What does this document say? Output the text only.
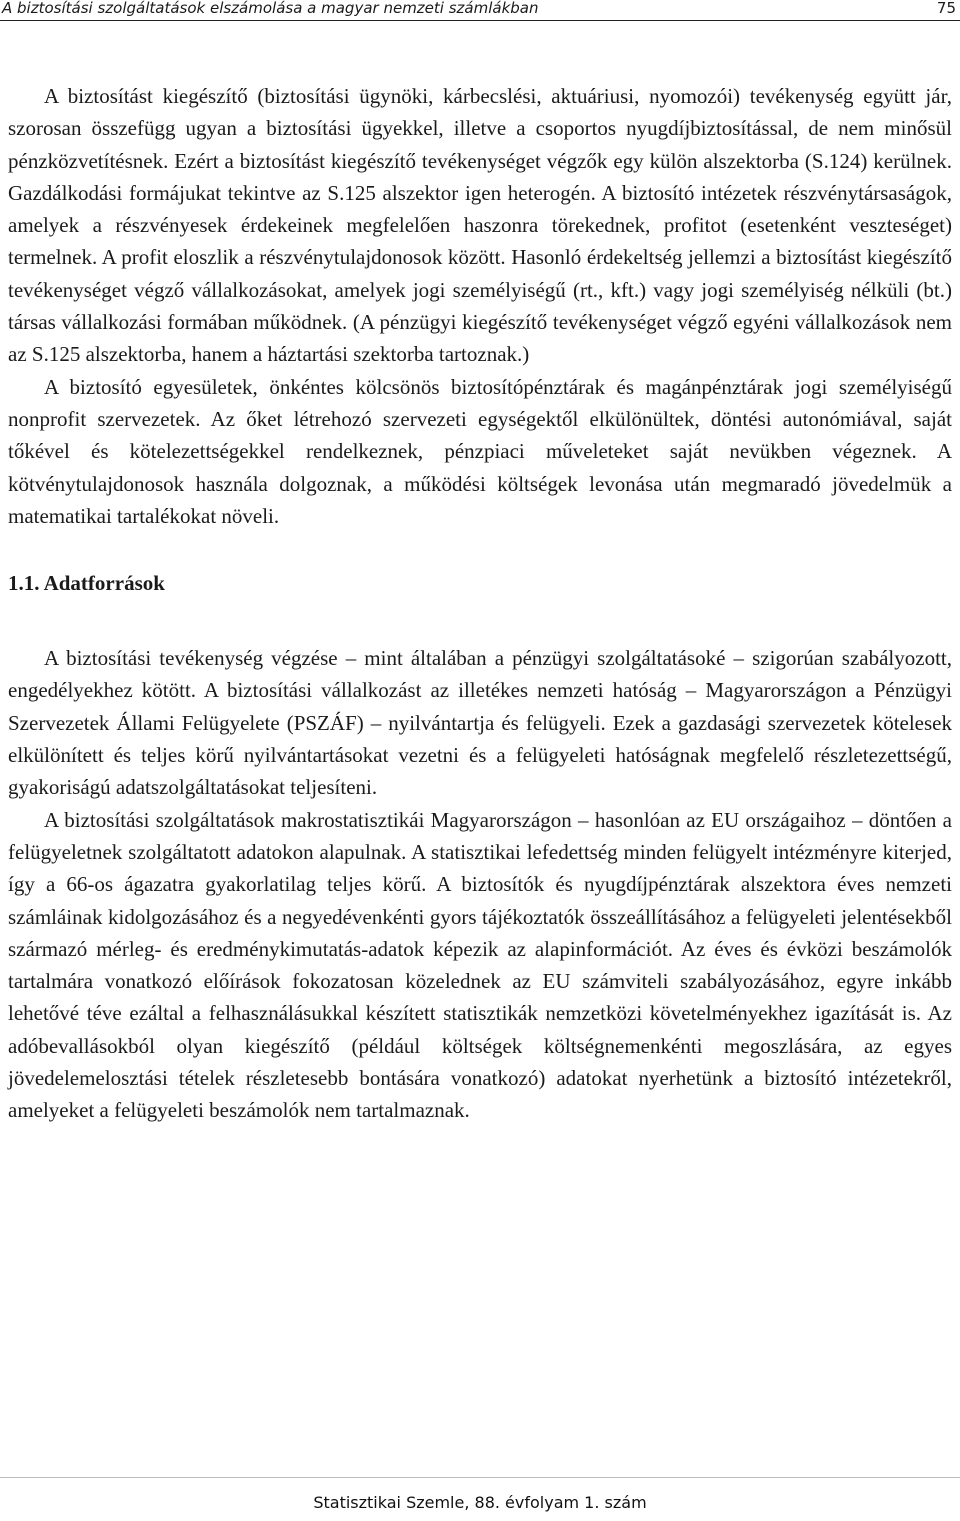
A biztosítási szolgáltatások elszámolása a magyar nemzeti számlákban	75

A biztosítást kiegészítő (biztosítási ügynöki, kárbecslési, aktuáriusi, nyomozói) tevékenység együtt jár, szorosan összefügg ugyan a biztosítási ügyekkel, illetve a csoportos nyugdíjbiztosítással, de nem minősül pénzközvetítésnek. Ezért a biztosítást kiegészítő tevékenységet végzők egy külön alszektorba (S.124) kerülnek. Gazdálkodási formájukat tekintve az S.125 alszektor igen heterogén. A biztosító intézetek részvénytársaságok, amelyek a részvényesek érdekeinek megfelelően haszonra törekednek, profitot (esetenként veszteséget) termelnek. A profit eloszlik a részvénytulajdonosok között. Hasonló érdekeltség jellemzi a biztosítást kiegészítő tevékenységet végző vállalkozásokat, amelyek jogi személyiségű (rt., kft.) vagy jogi személyiség nélküli (bt.) társas vállalkozási formában működnek. (A pénzügyi kiegészítő tevékenységet végző egyéni vállalkozások nem az S.125 alszektorba, hanem a háztartási szektorba tartoznak.)

A biztosító egyesületek, önkéntes kölcsönös biztosítópénztárak és magánpénztárak jogi személyiségű nonprofit szervezetek. Az őket létrehozó szervezeti egységektől elkülönültek, döntési autonómiával, saját tőkével és kötelezettségekkel rendelkeznek, pénzpiaci műveleteket saját nevükben végeznek. A kötvénytulajdonosok használa dolgoznak, a működési költségek levonása után megmaradó jövedelmük a matematikai tartalékokat növeli.

1.1. Adatforrások

A biztosítási tevékenység végzése – mint általában a pénzügyi szolgáltatásoké – szigorúan szabályozott, engedélyekhez kötött. A biztosítási vállalkozást az illetékes nemzeti hatóság – Magyarországon a Pénzügyi Szervezetek Állami Felügyelete (PSZÁF) – nyilvántartja és felügyeli. Ezek a gazdasági szervezetek kötelesek elkülönített és teljes körű nyilvántartásokat vezetni és a felügyeleti hatóságnak megfelelő részletezettségű, gyakoriságú adatszolgáltatásokat teljesíteni.

A biztosítási szolgáltatások makrostatisztikái Magyarországon – hasonlóan az EU országaihoz – döntően a felügyeletnek szolgáltatott adatokon alapulnak. A statisztikai lefedettség minden felügyelt intézményre kiterjed, így a 66-os ágazatra gyakorlatilag teljes körű. A biztosítók és nyugdíjpénztárak alszektora éves nemzeti számláinak kidolgozásához és a negyedévenkénti gyors tájékoztatók összeállításához a felügyeleti jelentésekből származó mérleg- és eredménykimutatás-adatok képezik az alapinformációt. Az éves és évközi beszámolók tartalmára vonatkozó előírások fokozatosan közelednek az EU számviteli szabályozásához, egyre inkább lehetővé téve ezáltal a felhasználásukkal készített statisztikák nemzetközi követelményekhez igazítását is. Az adóbevallásokból olyan kiegészítő (például költségek költségnemenkénti megoszlására, az egyes jövedelemelosztási tételek részletesebb bontására vonatkozó) adatokat nyerhetünk a biztosító intézetekről, amelyeket a felügyeleti beszámolók nem tartalmaznak.

Statisztikai Szemle, 88. évfolyam 1. szám
